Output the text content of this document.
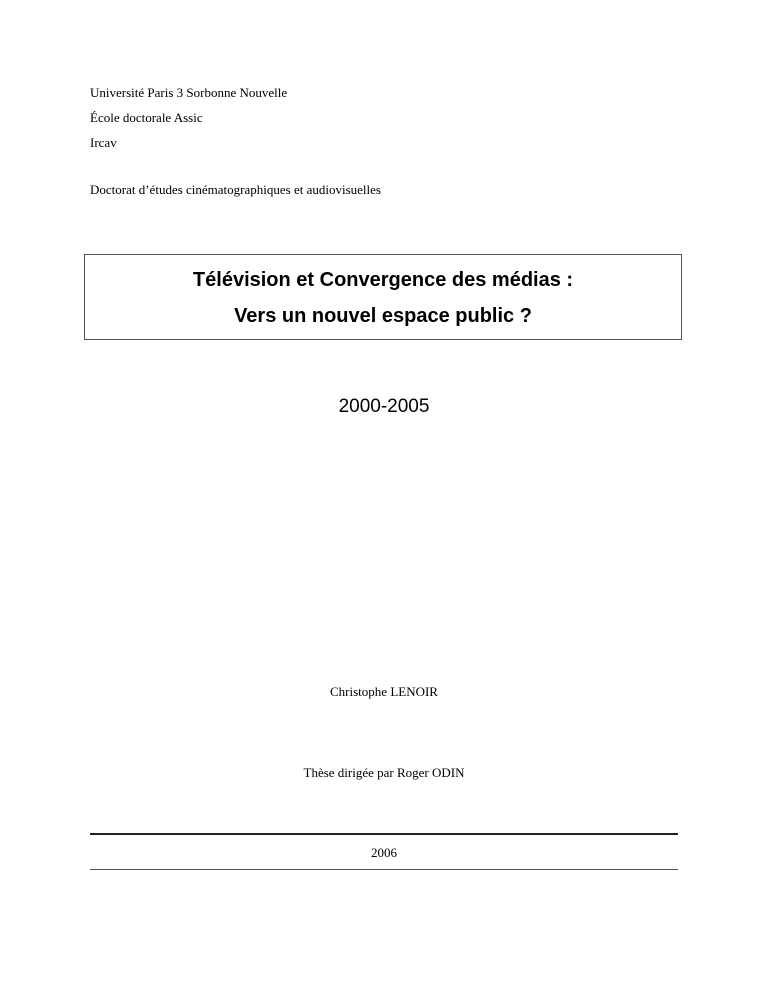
Université Paris 3 Sorbonne Nouvelle
École doctorale Assic
Ircav
Doctorat d’études cinématographiques et audiovisuelles
Télévision et Convergence des médias :
Vers un nouvel espace public ?
2000-2005
Christophe LENOIR
Thèse dirigée par Roger ODIN
2006
